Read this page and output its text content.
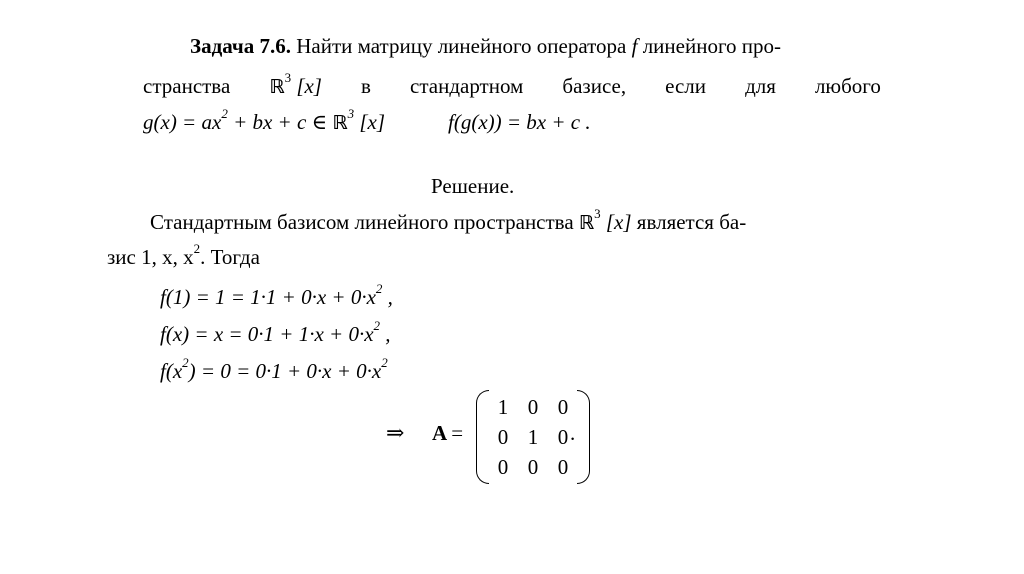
Задача 7.6. Найти матрицу линейного оператора f линейного про-
странства ℝ$^3$ [x] в стандартном базисе, если для любого
$g(x) = ax^2$ + bx + c ∈ ℝ$^3$ [x]	f(g(x)) = bx + c .
Решение.
Стандартным базисом линейного пространства ℝ$^3$ [x] является ба-
зис 1, x, $x^2$. Тогда
$f(1) = 1 = 1\cdot 1 + 0\cdot x + 0\cdot x^2$ ,
$f(x) = x = 0\cdot 1 + 1\cdot x + 0\cdot x^2$ ,
$f(x^2) = 0 = 0\cdot 1 + 0\cdot x + 0\cdot x^2$
⇒ A =
1 0 0
0 1 0
0 0 0
.
